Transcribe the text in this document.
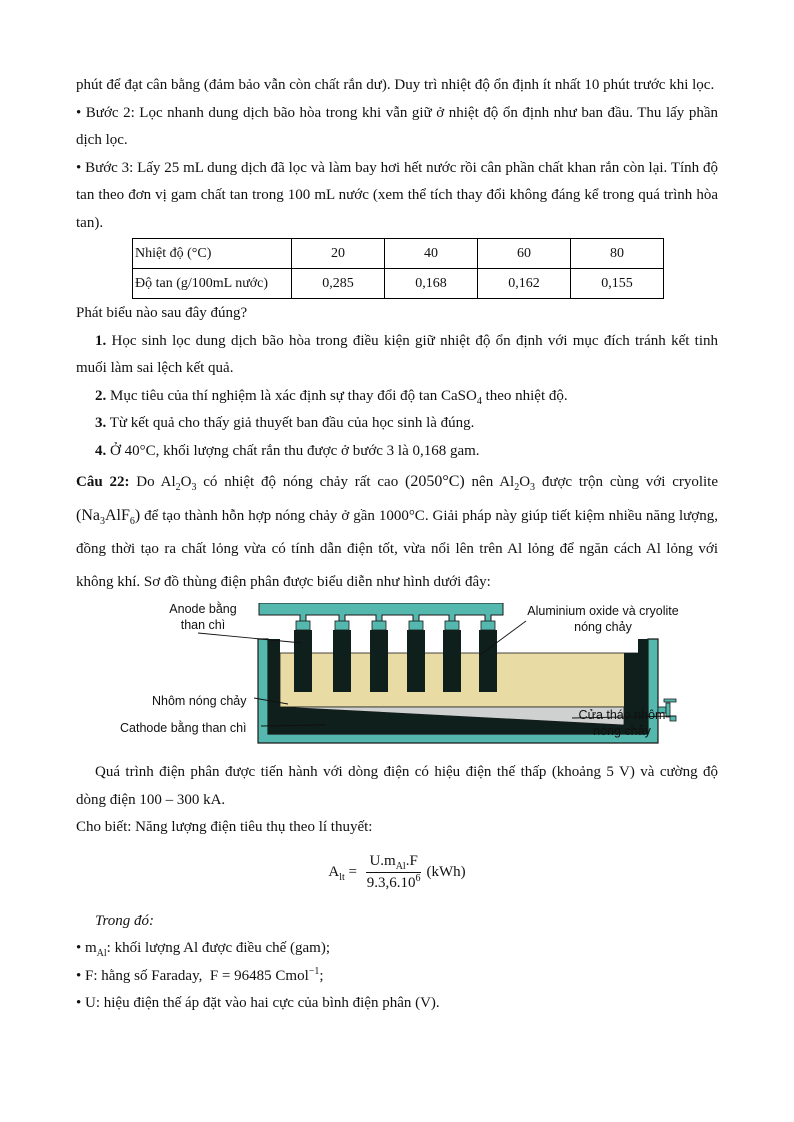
phút để đạt cân bằng (đảm bảo vẫn còn chất rắn dư). Duy trì nhiệt độ ổn định ít nhất 10 phút trước khi lọc.

• Bước 2: Lọc nhanh dung dịch bão hòa trong khi vẫn giữ ở nhiệt độ ổn định như ban đầu. Thu lấy phần dịch lọc.

• Bước 3: Lấy 25 mL dung dịch đã lọc và làm bay hơi hết nước rồi cân phần chất khan rắn còn lại. Tính độ tan theo đơn vị gam chất tan trong 100 mL nước (xem thể tích thay đổi không đáng kể trong quá trình hòa tan).

Nhiệt độ (°C)	20	40	60	80
Độ tan (g/100mL nước)	0,285	0,168	0,162	0,155

Phát biểu nào sau đây đúng?

1. Học sinh lọc dung dịch bão hòa trong điều kiện giữ nhiệt độ ổn định với mục đích tránh kết tinh muối làm sai lệch kết quả.

2. Mục tiêu của thí nghiệm là xác định sự thay đổi độ tan CaSO$_4$ theo nhiệt độ.

3. Từ kết quả cho thấy giả thuyết ban đầu của học sinh là đúng.

4. Ở 40°C, khối lượng chất rắn thu được ở bước 3 là 0,168 gam.

Câu 22: Do $Al_2O_3$ có nhiệt độ nóng chảy rất cao (2050°C) nên $Al_2O_3$ được trộn cùng với cryolite $(Na_3AlF_6)$ để tạo thành hỗn hợp nóng chảy ở gần 1000°C. Giải pháp này giúp tiết kiệm nhiều năng lượng, đồng thời tạo ra chất lỏng vừa có tính dẫn điện tốt, vừa nổi lên trên Al lỏng để ngăn cách Al lỏng với không khí. Sơ đồ thùng điện phân được biểu diễn như hình dưới đây:

Anode bằng
than chì
Aluminium oxide và cryolite
nóng chảy
Nhôm nóng chảy
Cathode bằng than chì
Cửa tháo nhôm
nóng chảy

Quá trình điện phân được tiến hành với dòng điện có hiệu điện thế thấp (khoảng 5 V) và cường độ dòng điện 100 – 300 kA.

Cho biết: Năng lượng điện tiêu thụ theo lí thuyết:

$A_{lt} = \frac{U.m_{Al}.F}{9.3,6.10^6} (kWh)$

Trong đó:

• $m_{Al}$: khối lượng Al được điều chế (gam);

• F: hằng số Faraday,  F = 96485 Cmol$^{-1}$;

• U: hiệu điện thế áp đặt vào hai cực của bình điện phân (V).
